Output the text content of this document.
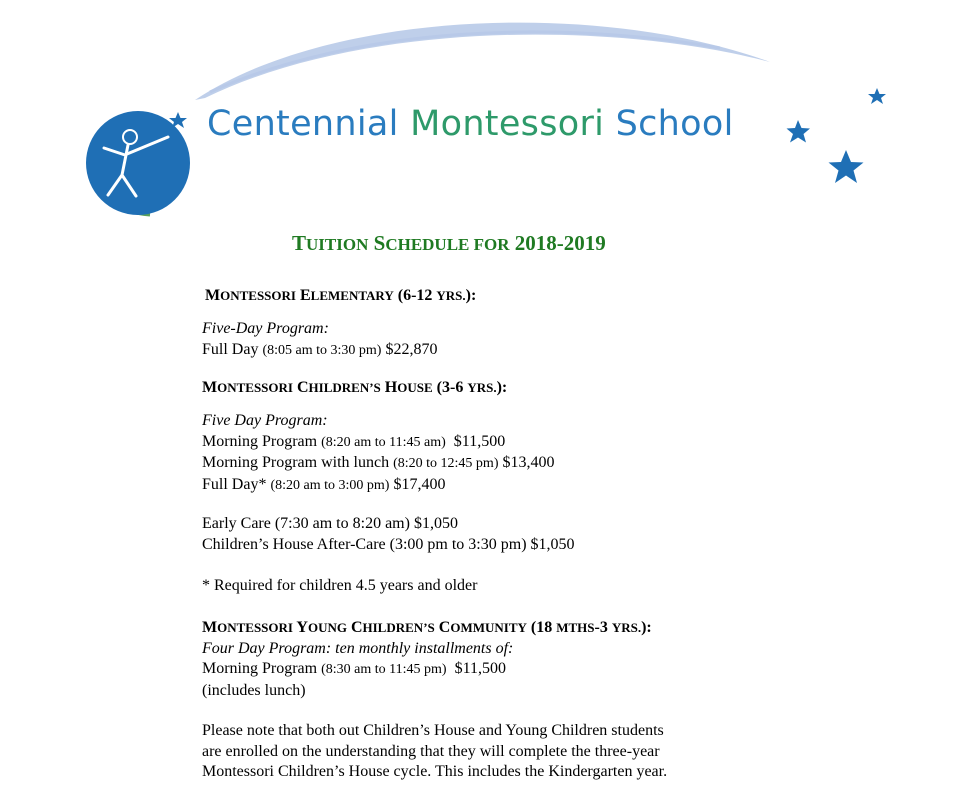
Centennial Montessori School
TUITION SCHEDULE FOR 2018-2019
MONTESSORI ELEMENTARY (6-12 YRS.):
Five-Day Program:
Full Day (8:05 am to 3:30 pm) $22,870
MONTESSORI CHILDREN’S HOUSE (3-6 YRS.):
Five Day Program:
Morning Program (8:20 am to 11:45 am)  $11,500
Morning Program with lunch (8:20 to 12:45 pm) $13,400
Full Day* (8:20 am to 3:00 pm) $17,400
Early Care (7:30 am to 8:20 am) $1,050
Children’s House After-Care (3:00 pm to 3:30 pm) $1,050
* Required for children 4.5 years and older
MONTESSORI YOUNG CHILDREN’S COMMUNITY (18 MTHS-3 YRS.):
Four Day Program: ten monthly installments of:
Morning Program (8:30 am to 11:45 pm)  $11,500
(includes lunch)
Please note that both out Children’s House and Young Children students
are enrolled on the understanding that they will complete the three-year
Montessori Children’s House cycle. This includes the Kindergarten year.
